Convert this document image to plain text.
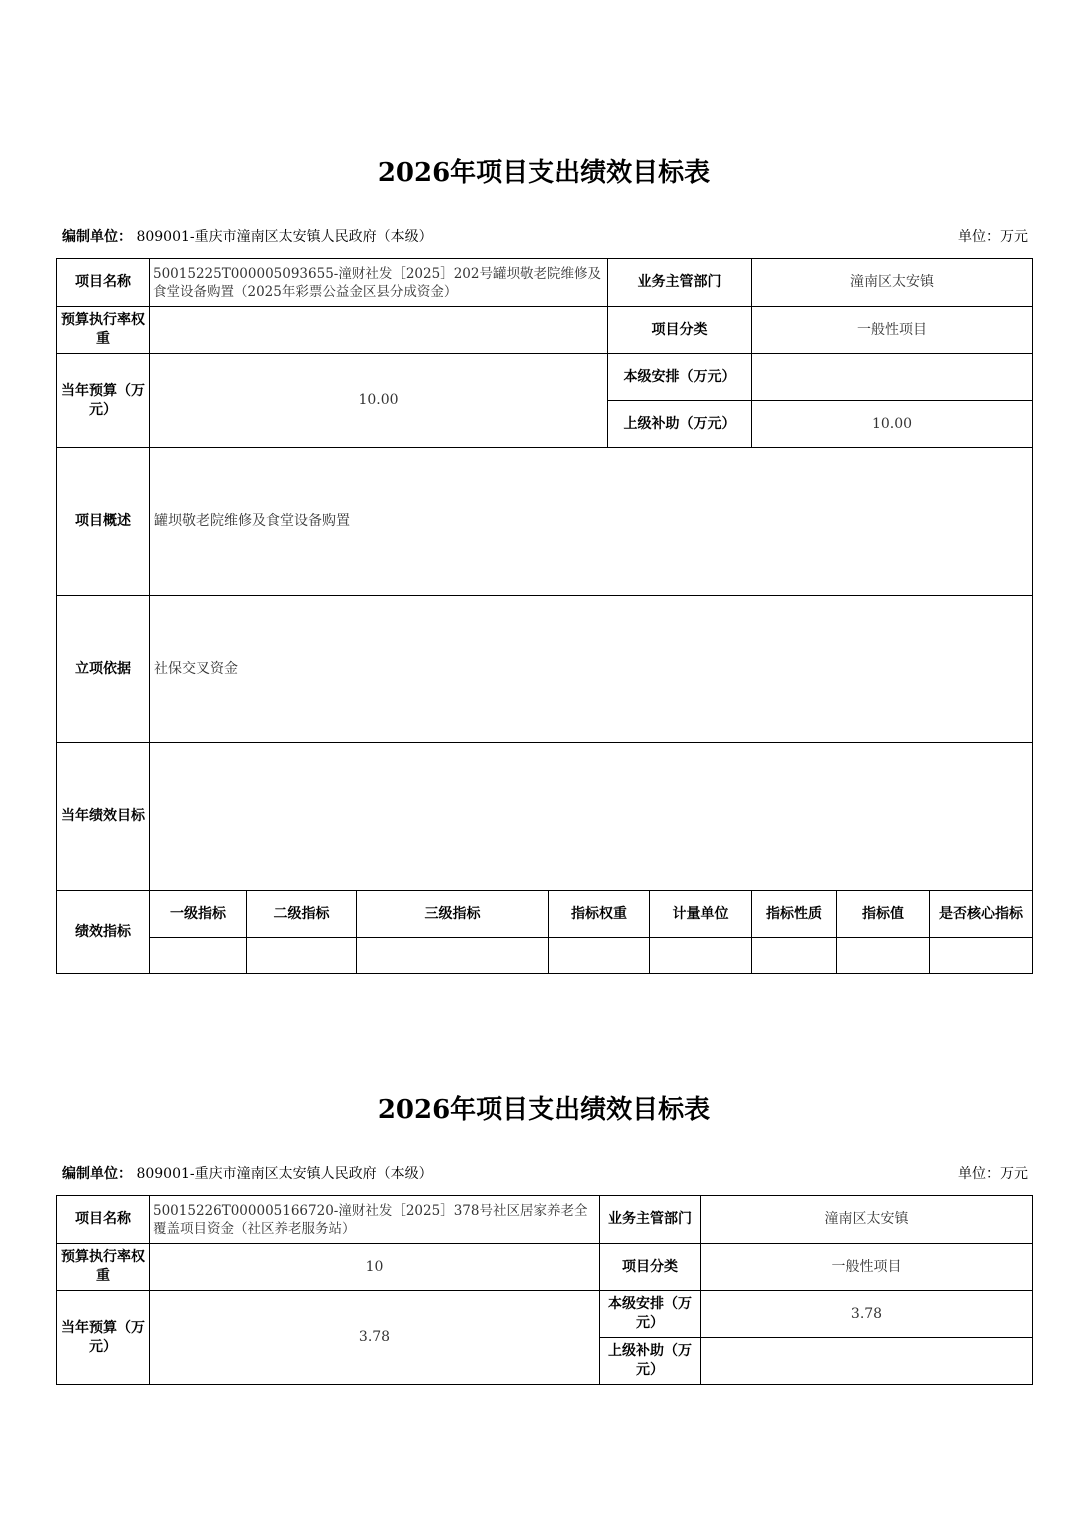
2026年项目支出绩效目标表
编制单位： 809001-重庆市潼南区太安镇人民政府（本级）	单位：万元
项目名称	50015225T000005093655-潼财社发［2025］202号罐坝敬老院维修及食堂设备购置（2025年彩票公益金区县分成资金）				业务主管部门		潼南区太安镇		
预算执行率权重					项目分类		一般性项目		
当年预算（万元）	10.00				本级安排（万元）				
					上级补助（万元）		10.00		
项目概述	罐坝敬老院维修及食堂设备购置								
立项依据	社保交叉资金								
当年绩效目标									
绩效指标	一级指标	二级指标	三级指标	指标权重		计量单位	指标性质	指标值	是否核心指标

2026年项目支出绩效目标表
编制单位： 809001-重庆市潼南区太安镇人民政府（本级）	单位：万元
项目名称	50015226T000005166720-潼财社发［2025］378号社区居家养老全覆盖项目资金（社区养老服务站）	业务主管部门	潼南区太安镇
预算执行率权重	10	项目分类	一般性项目
当年预算（万元）	3.78	本级安排（万元）	3.78
		上级补助（万元）	
